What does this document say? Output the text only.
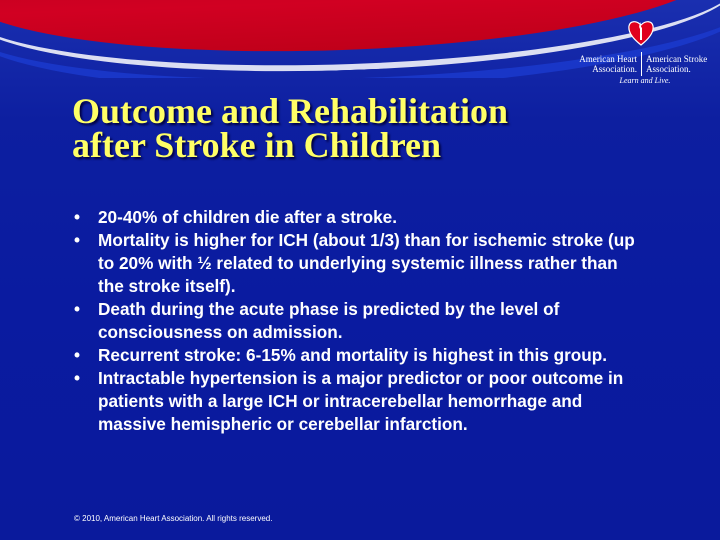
American Heart
Association.
American Stroke
Association.
Learn and Live.
Outcome and Rehabilitation
after Stroke in Children
• 20-40% of children die after a stroke.
• Mortality is higher for ICH (about 1/3) than for ischemic stroke (up to 20% with ½ related to underlying systemic illness rather than the stroke itself).
• Death during the acute phase is predicted by the level of consciousness on admission.
• Recurrent stroke: 6-15% and mortality is highest in this group.
• Intractable hypertension is a major predictor or poor outcome in patients with a large ICH or intracerebellar hemorrhage and massive hemispheric or cerebellar infarction.
© 2010, American Heart Association. All rights reserved.
